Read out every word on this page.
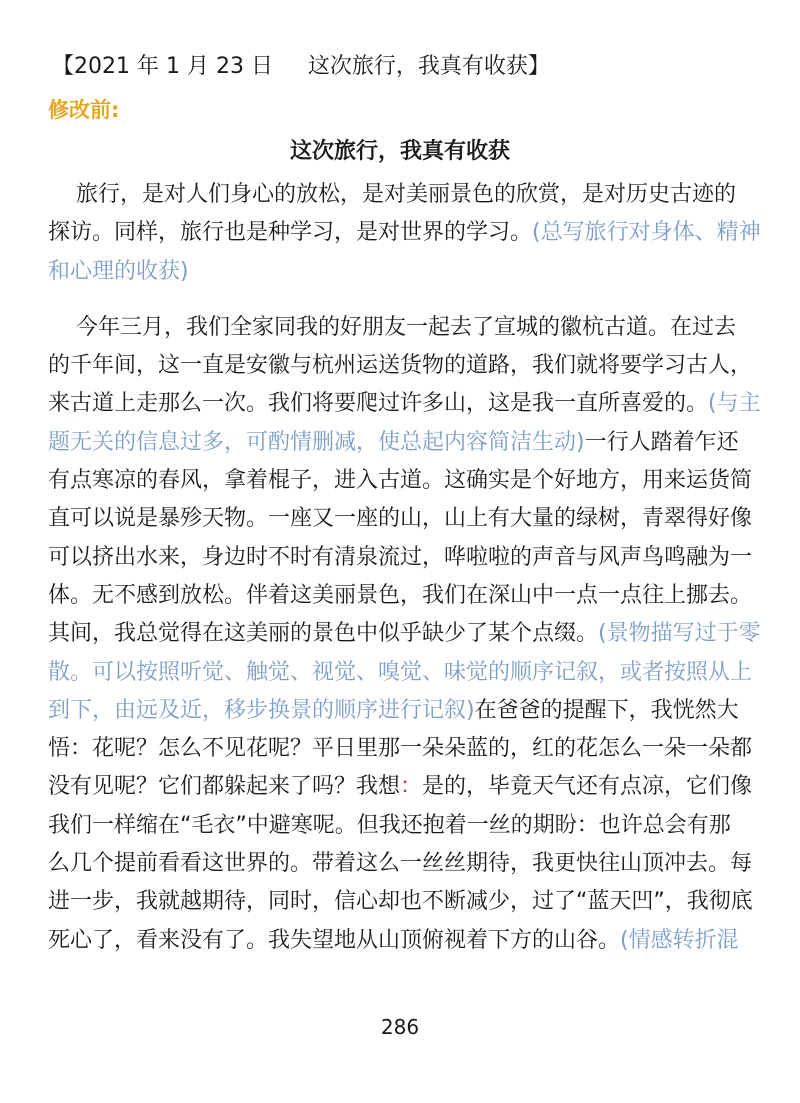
【2021 年 1 月 23 日     这次旅行，我真有收获】
修改前:
这次旅行，我真有收获
旅行，是对人们身心的放松，是对美丽景色的欣赏，是对历史古迹的
探访。同样，旅行也是种学习，是对世界的学习。(总写旅行对身体、精神
和心理的收获)
今年三月，我们全家同我的好朋友一起去了宣城的徽杭古道。在过去
的千年间，这一直是安徽与杭州运送货物的道路，我们就将要学习古人，
来古道上走那么一次。我们将要爬过许多山，这是我一直所喜爱的。(与主
题无关的信息过多，可酌情删减，使总起内容简洁生动)一行人踏着乍还
有点寒凉的春风，拿着棍子，进入古道。这确实是个好地方，用来运货简
直可以说是暴殄天物。一座又一座的山，山上有大量的绿树，青翠得好像
可以挤出水来，身边时不时有清泉流过，哗啦啦的声音与风声鸟鸣融为一
体。无不感到放松。伴着这美丽景色，我们在深山中一点一点往上挪去。
其间，我总觉得在这美丽的景色中似乎缺少了某个点缀。(景物描写过于零
散。可以按照听觉、触觉、视觉、嗅觉、味觉的顺序记叙，或者按照从上
到下，由远及近，移步换景的顺序进行记叙)在爸爸的提醒下，我恍然大
悟：花呢？怎么不见花呢？平日里那一朵朵蓝的，红的花怎么一朵一朵都
没有见呢？它们都躲起来了吗？我想：是的，毕竟天气还有点凉，它们像
我们一样缩在“毛衣”中避寒呢。但我还抱着一丝的期盼：也许总会有那
么几个提前看看这世界的。带着这么一丝丝期待，我更快往山顶冲去。每
进一步，我就越期待，同时，信心却也不断减少，过了“蓝天凹”，我彻底
死心了，看来没有了。我失望地从山顶俯视着下方的山谷。(情感转折混
286
